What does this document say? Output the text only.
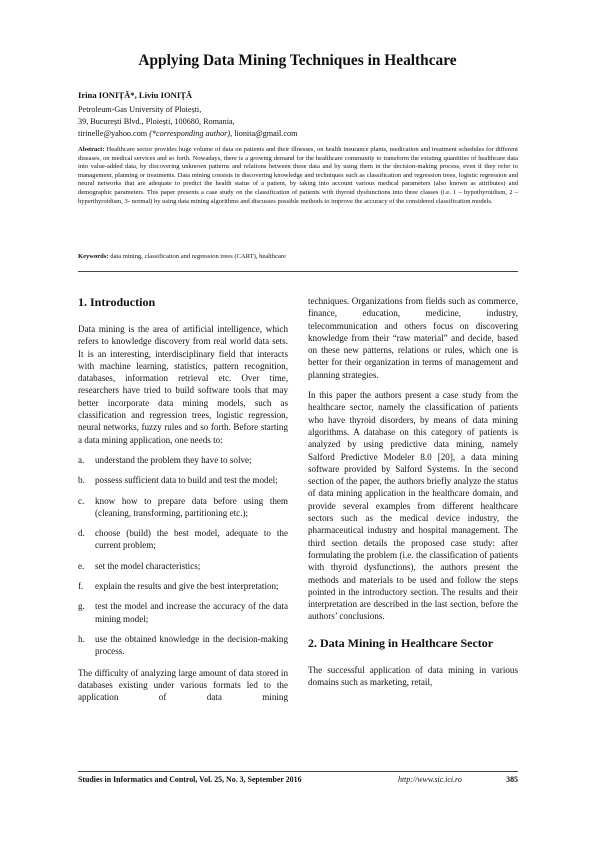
Applying Data Mining Techniques in Healthcare
Irina IONIȚĂ*, Liviu IONIȚĂ
Petroleum-Gas University of Ploiești,
39, București Blvd., Ploiești, 100680, Romania,
tirinelle@yahoo.com (*corresponding author), lionita@gmail.com
Abstract: Healthcare sector provides huge volume of data on patients and their illnesses, on health insurance plants, medication and treatment schedules for different diseases, on medical services and so forth. Nowadays, there is a growing demand for the healthcare community to transform the existing quantities of healthcare data into value-added data, by discovering unknown patterns and relations between these data and by using them in the decision-making process, even if they refer to management, planning or treatments. Data mining consists in discovering knowledge and techniques such as classification and regression trees, logistic regression and neural networks that are adequate to predict the health status of a patient, by taking into account various medical parameters (also known as attributes) and demographic parameters. This paper presents a case study on the classification of patients with thyroid dysfunctions into three classes (i.e. 1 – hypothyroidism, 2 – hyperthyroidism, 3- normal) by using data mining algorithms and discusses possible methods to improve the accuracy of the considered classification models.
Keywords: data mining, classification and regression trees (CART), healthcare
1. Introduction

Data mining is the area of artificial intelligence, which refers to knowledge discovery from real world data sets. It is an interesting, interdisciplinary field that interacts with machine learning, statistics, pattern recognition, databases, information retrieval etc. Over time, researchers have tried to build software tools that may better incorporate data mining models, such as classification and regression trees, logistic regression, neural networks, fuzzy rules and so forth. Before starting a data mining application, one needs to:

a.	understand the problem they have to solve;
b.	possess sufficient data to build and test the model;
c.	know how to prepare data before using them (cleaning, transforming, partitioning etc.);
d.	choose (build) the best model, adequate to the current problem;
e.	set the model characteristics;
f.	explain the results and give the best interpretation;
g.	test the model and increase the accuracy of the data mining model;
h.	use the obtained knowledge in the decision-making process.

The difficulty of analyzing large amount of data stored in databases existing under various formats led to the application of data mining

techniques. Organizations from fields such as commerce, finance, education, medicine, industry, telecommunication and others focus on discovering knowledge from their “raw material” and decide, based on these new patterns, relations or rules, which one is better for their organization in terms of management and planning strategies.

In this paper the authors present a case study from the healthcare sector, namely the classification of patients who have thyroid disorders, by means of data mining algorithms. A database on this category of patients is analyzed by using predictive data mining, namely Salford Predictive Modeler 8.0 [20], a data mining software provided by Salford Systems. In the second section of the paper, the authors briefly analyze the status of data mining application in the healthcare domain, and provide several examples from different healthcare sectors such as the medical device industry, the pharmaceutical industry and hospital management. The third section details the proposed case study: after formulating the problem (i.e. the classification of patients with thyroid dysfunctions), the authors present the methods and materials to be used and follow the steps pointed in the introductory section. The results and their interpretation are described in the last section, before the authors’ conclusions.

2. Data Mining in Healthcare Sector

The successful application of data mining in various domains such as marketing, retail,

Studies in Informatics and Control, Vol. 25, No. 3, September 2016	http://www.sic.ici.ro	385
